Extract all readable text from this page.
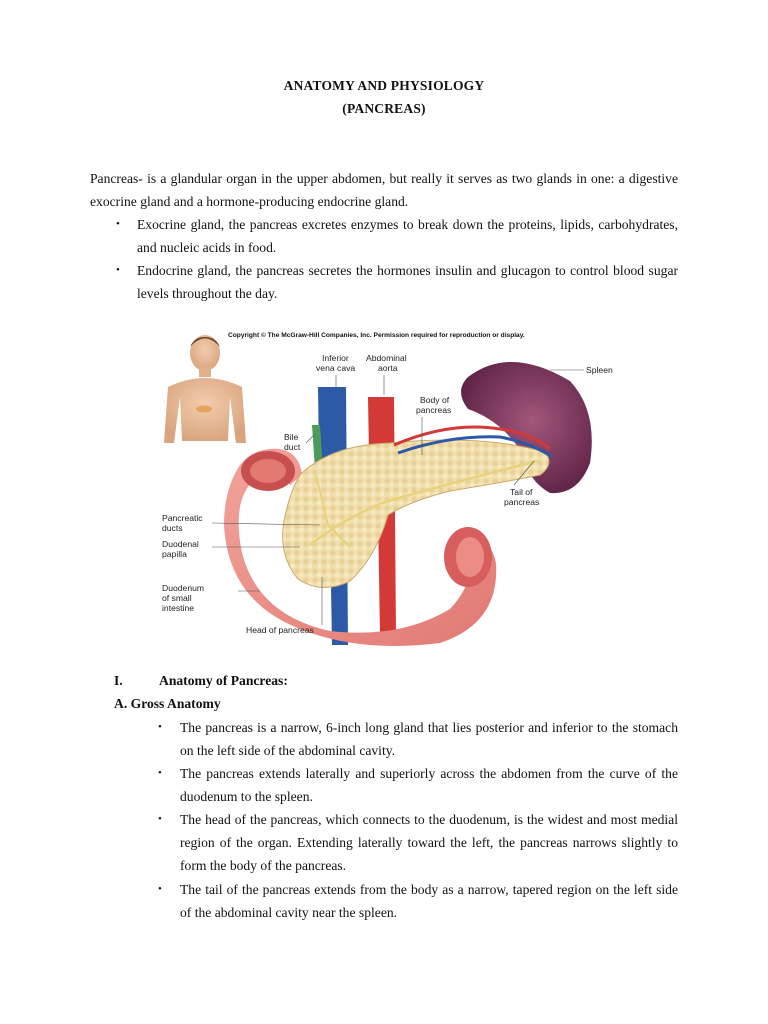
ANATOMY AND PHYSIOLOGY
(PANCREAS)
Pancreas- is a glandular organ in the upper abdomen, but really it serves as two glands in one: a digestive exocrine gland and a hormone-producing endocrine gland.
• Exocrine gland, the pancreas excretes enzymes to break down the proteins, lipids, carbohydrates, and nucleic acids in food.
• Endocrine gland, the pancreas secretes the hormones insulin and glucagon to control blood sugar levels throughout the day.
Copyright © The McGraw-Hill Companies, Inc. Permission required for reproduction or display.
Inferior
vena cava
Abdominal
aorta	Spleen
Body of
pancreas
Bile
duct
Tail of
pancreas
Pancreatic
ducts
Duodenal
papilla
Duodenum
of small
intestine
Head of pancreas
I.	Anatomy of Pancreas:
A. Gross Anatomy
• The pancreas is a narrow, 6-inch long gland that lies posterior and inferior to the stomach on the left side of the abdominal cavity.
• The pancreas extends laterally and superiorly across the abdomen from the curve of the duodenum to the spleen.
• The head of the pancreas, which connects to the duodenum, is the widest and most medial region of the organ. Extending laterally toward the left, the pancreas narrows slightly to form the body of the pancreas.
• The tail of the pancreas extends from the body as a narrow, tapered region on the left side of the abdominal cavity near the spleen.
